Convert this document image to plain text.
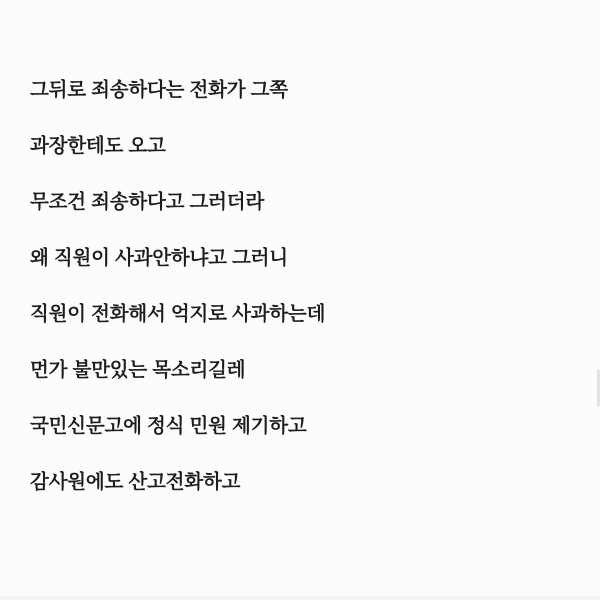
그뒤로 죄송하다는 전화가 그쪽

과장한테도 오고

무조건 죄송하다고 그러더라

왜 직원이 사과안하냐고 그러니

직원이 전화해서 억지로 사과하는데

먼가 불만있는 목소리길레

국민신문고에 정식 민원 제기하고

감사원에도 산고전화하고
